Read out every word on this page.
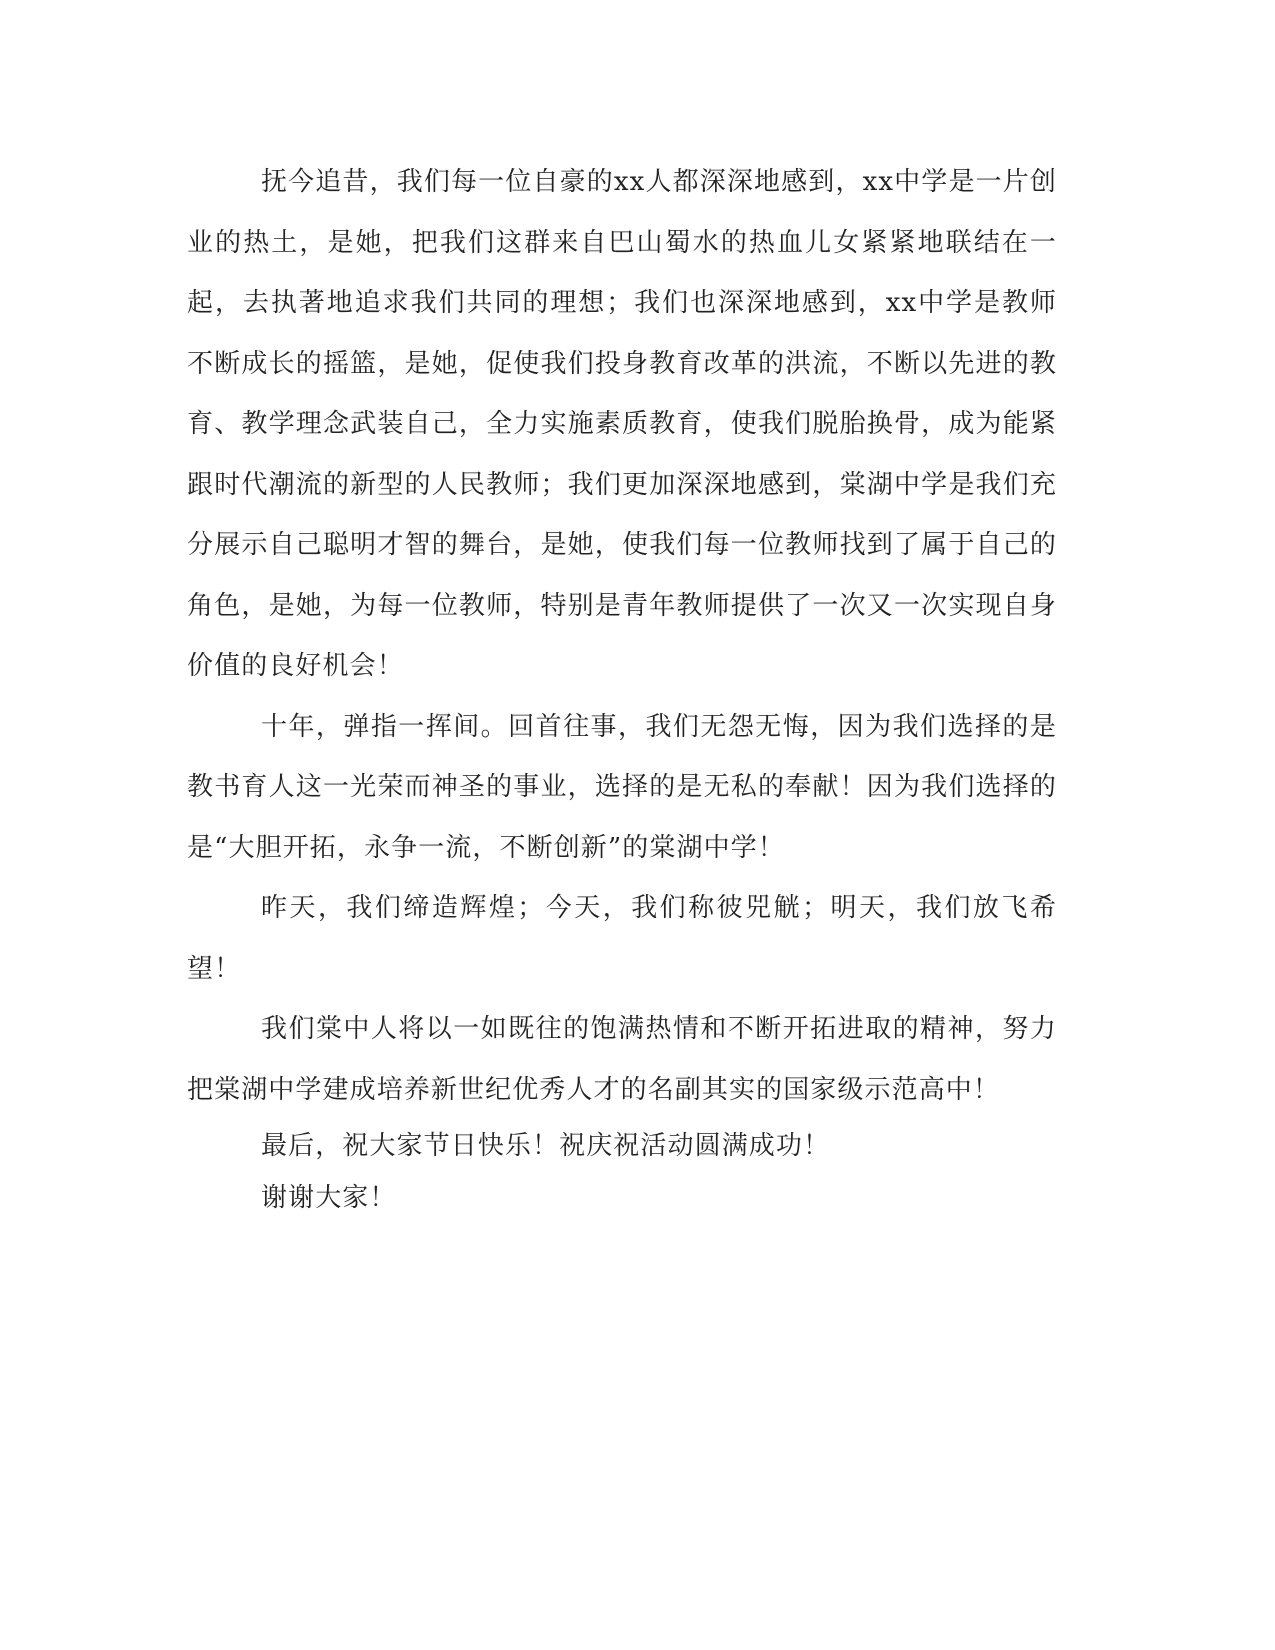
抚今追昔，我们每一位自豪的xx人都深深地感到，xx中学是一片创业的热土，是她，把我们这群来自巴山蜀水的热血儿女紧紧地联结在一起，去执著地追求我们共同的理想；我们也深深地感到，xx中学是教师不断成长的摇篮，是她，促使我们投身教育改革的洪流，不断以先进的教育、教学理念武装自己，全力实施素质教育，使我们脱胎换骨，成为能紧跟时代潮流的新型的人民教师；我们更加深深地感到，棠湖中学是我们充分展示自己聪明才智的舞台，是她，使我们每一位教师找到了属于自己的角色，是她，为每一位教师，特别是青年教师提供了一次又一次实现自身价值的良好机会！

十年，弹指一挥间。回首往事，我们无怨无悔，因为我们选择的是教书育人这一光荣而神圣的事业，选择的是无私的奉献！因为我们选择的是“大胆开拓，永争一流，不断创新”的棠湖中学！

昨天，我们缔造辉煌；今天，我们称彼兕觥；明天，我们放飞希望！

我们棠中人将以一如既往的饱满热情和不断开拓进取的精神，努力把棠湖中学建成培养新世纪优秀人才的名副其实的国家级示范高中！

最后，祝大家节日快乐！祝庆祝活动圆满成功！

谢谢大家！
